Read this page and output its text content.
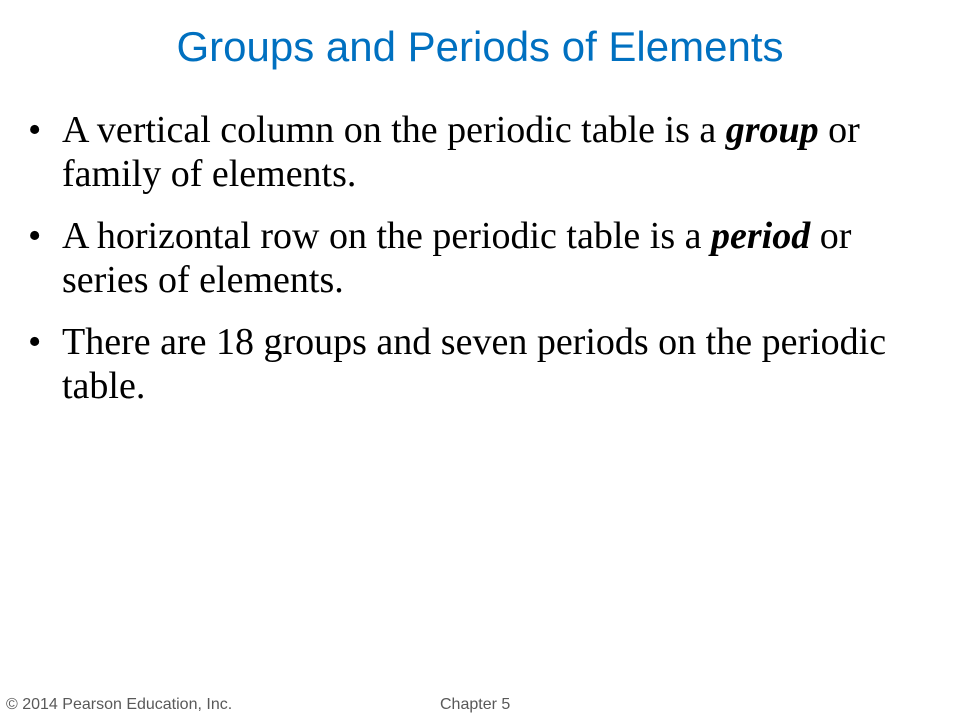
Groups and Periods of Elements
• A vertical column on the periodic table is a group or family of elements.
• A horizontal row on the periodic table is a period or series of elements.
• There are 18 groups and seven periods on the periodic table.
© 2014 Pearson Education, Inc.	Chapter 5
